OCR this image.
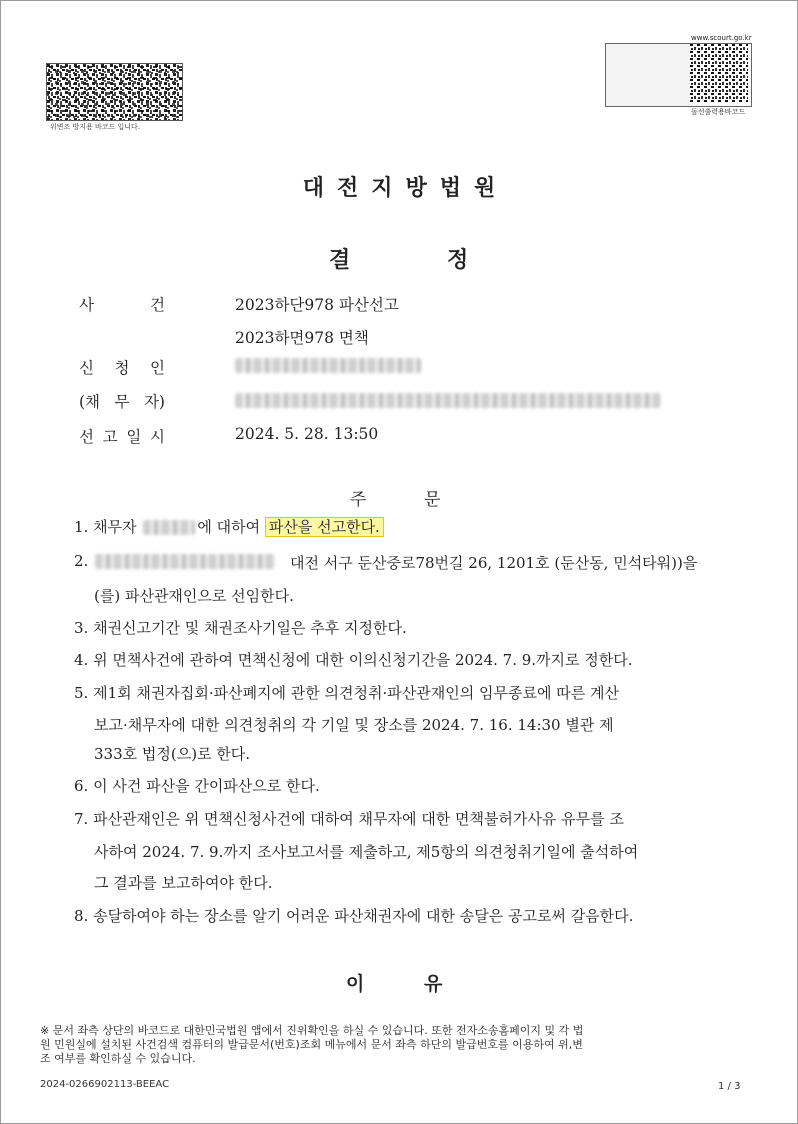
위변조 방지용 바코드 입니다.
www.scourt.go.kr
돌선출력용바코드
대전지방법원
결	정
사	건	2023하단978 파산선고
2023하면978 면책
신 청 인
(채 무 자)
선 고 일 시	2024. 5. 28. 13:50
주	문
1. 채무자	에 대하여 파산을 선고한다.
2.	대전 서구 둔산중로78번길 26, 1201호 (둔산동, 민석타워))을
(를) 파산관재인으로 선임한다.
3. 채권신고기간 및 채권조사기일은 추후 지정한다.
4. 위 면책사건에 관하여 면책신청에 대한 이의신청기간을 2024. 7. 9.까지로 정한다.
5. 제1회 채권자집회·파산폐지에 관한 의견청취·파산관재인의 임무종료에 따른 계산
보고·채무자에 대한 의견청취의 각 기일 및 장소를 2024. 7. 16. 14:30 별관 제
333호 법정(으)로 한다.
6. 이 사건 파산을 간이파산으로 한다.
7. 파산관재인은 위 면책신청사건에 대하여 채무자에 대한 면책불허가사유 유무를 조
사하여 2024. 7. 9.까지 조사보고서를 제출하고, 제5항의 의견청취기일에 출석하여
그 결과를 보고하여야 한다.
8. 송달하여야 하는 장소를 알기 어려운 파산채권자에 대한 송달은 공고로써 갈음한다.
이	유
※ 문서 좌측 상단의 바코드로 대한민국법원 앱에서 진위확인을 하실 수 있습니다. 또한 전자소송홈페이지 및 각 법
원 민원실에 설치된 사건검색 컴퓨터의 발급문서(번호)조회 메뉴에서 문서 좌측 하단의 발급번호를 이용하여 위,변
조 여부를 확인하실 수 있습니다.
2024-0266902113-BEEAC	1 / 3
